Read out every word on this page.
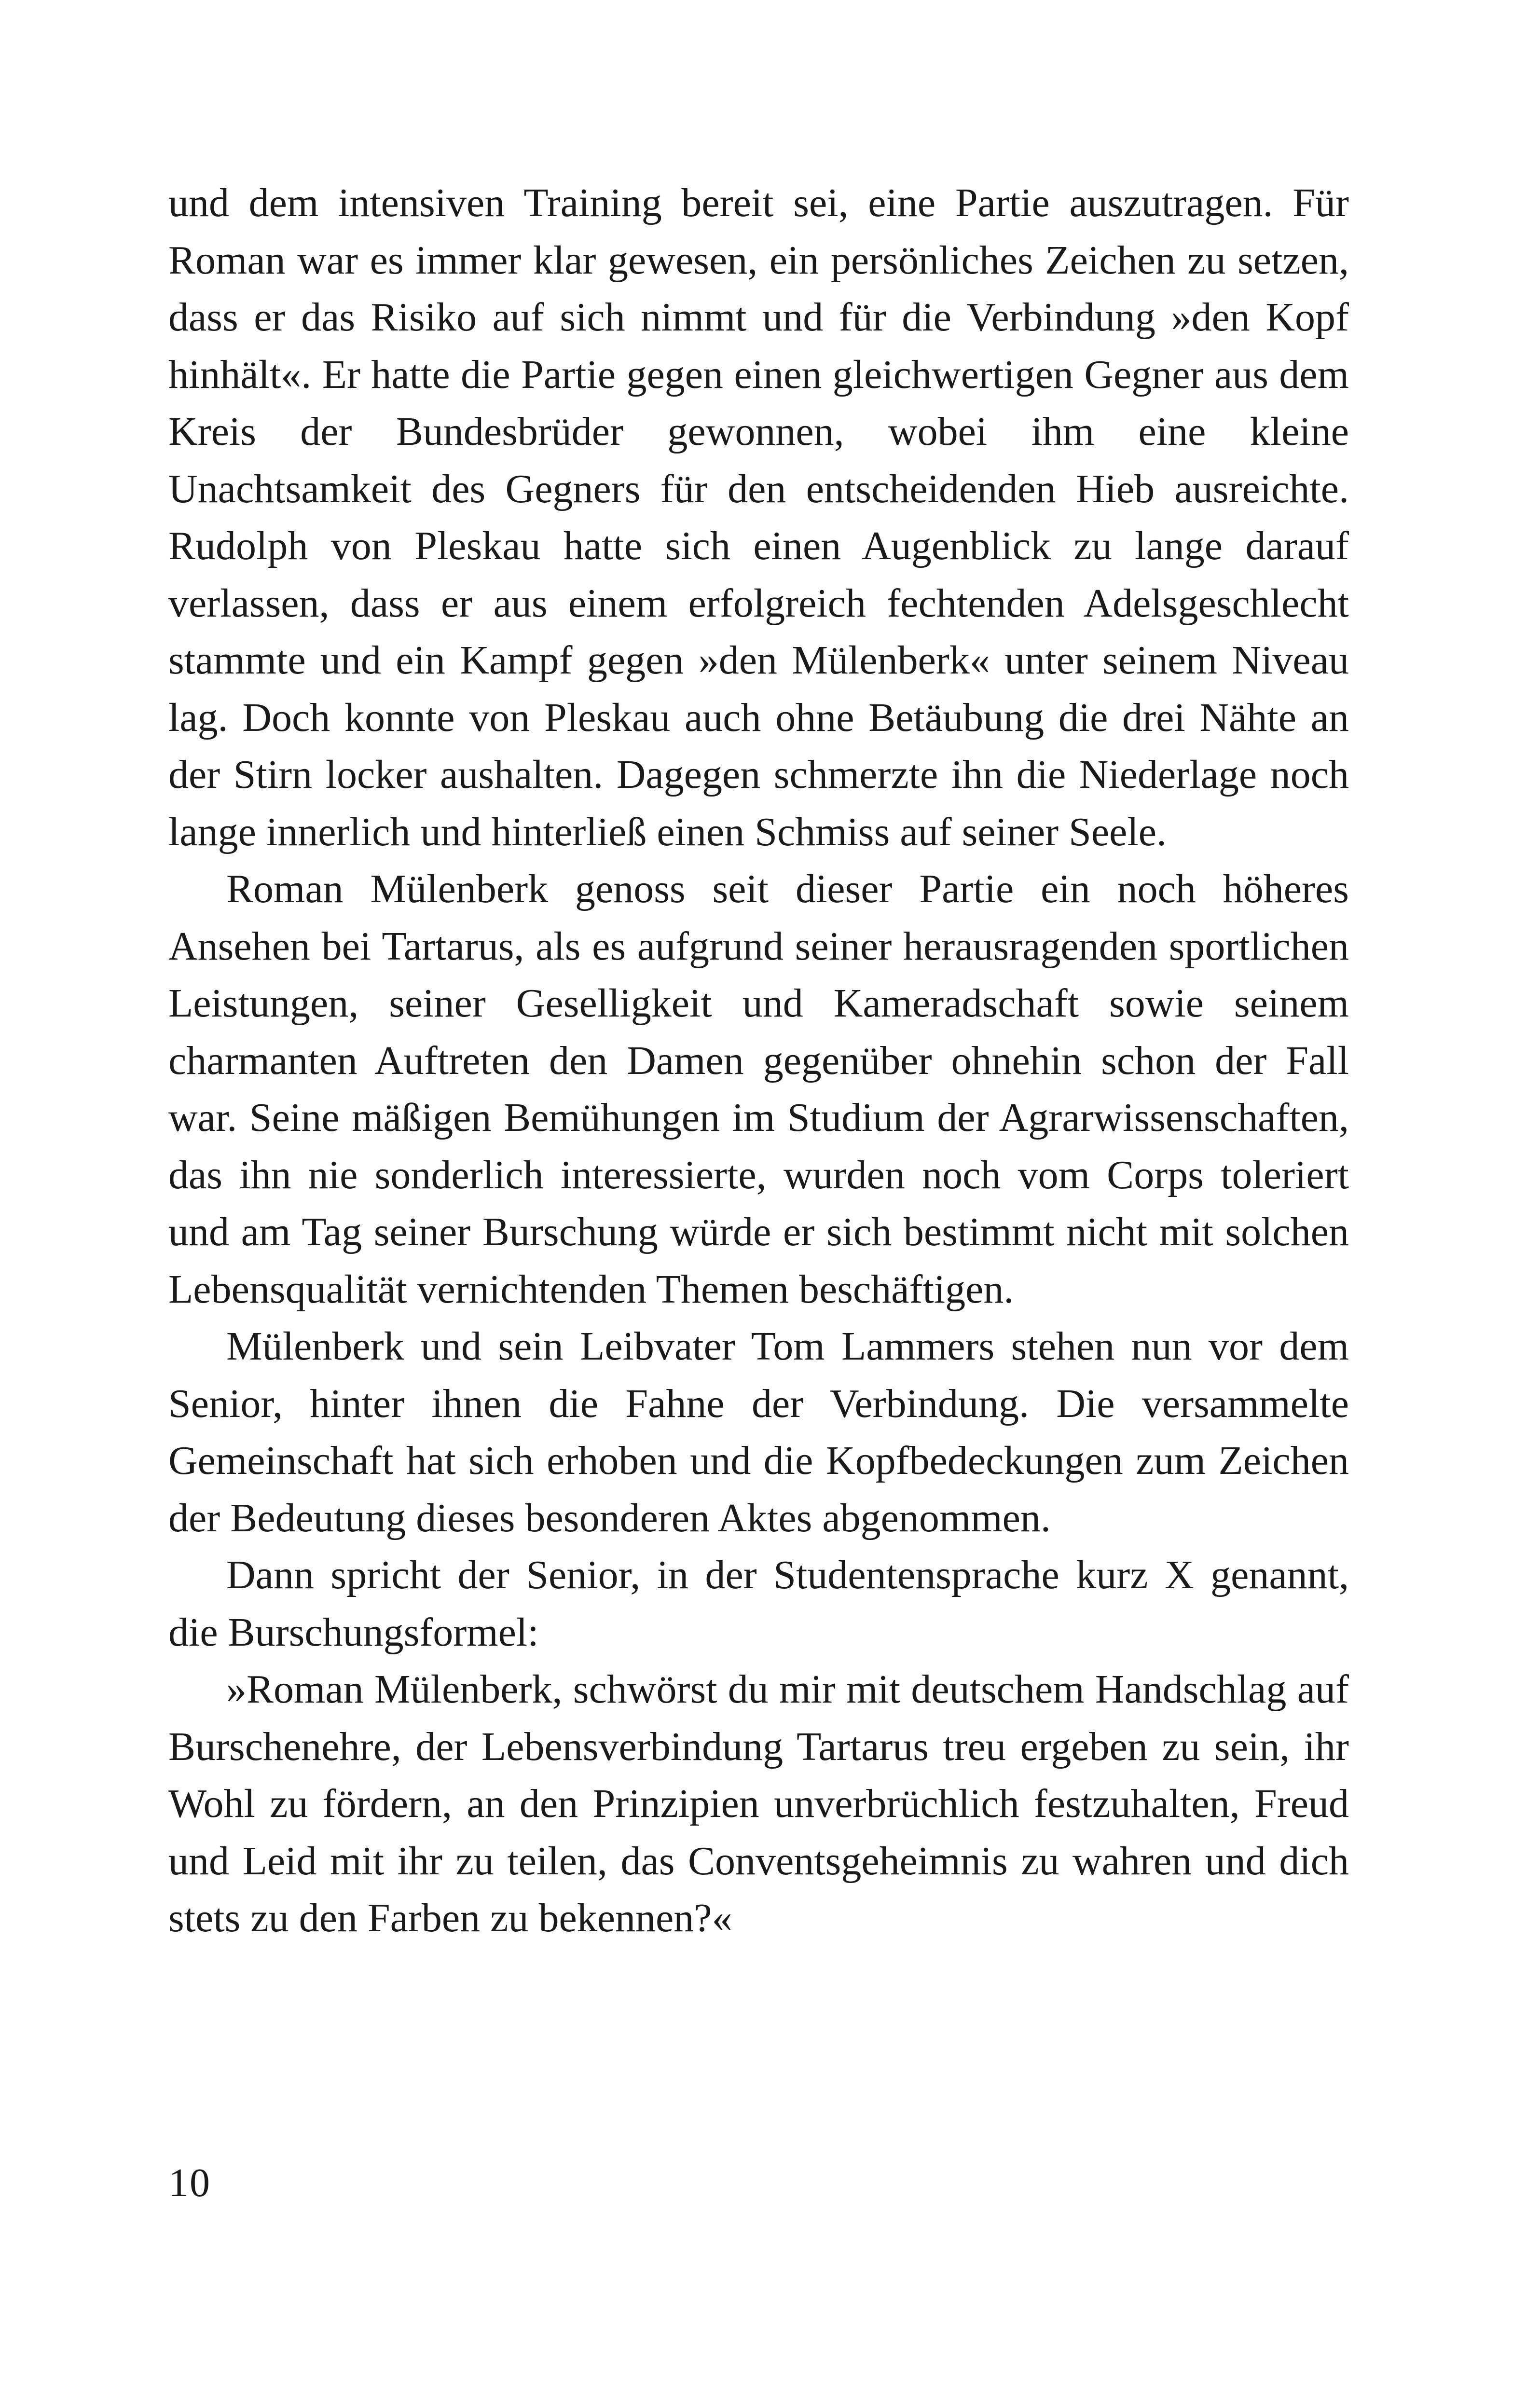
und dem intensiven Training bereit sei, eine Partie auszutragen. Für Roman war es immer klar gewesen, ein persönliches Zeichen zu setzen, dass er das Risiko auf sich nimmt und für die Verbindung »den Kopf hinhält«. Er hatte die Partie gegen einen gleichwertigen Gegner aus dem Kreis der Bundesbrüder gewonnen, wobei ihm eine kleine Unachtsamkeit des Gegners für den entscheidenden Hieb ausreichte. Rudolph von Pleskau hatte sich einen Augenblick zu lange darauf verlassen, dass er aus einem erfolgreich fechtenden Adelsgeschlecht stammte und ein Kampf gegen »den Mülenberk« unter seinem Niveau lag. Doch konnte von Pleskau auch ohne Betäubung die drei Nähte an der Stirn locker aushalten. Dagegen schmerzte ihn die Niederlage noch lange innerlich und hinterließ einen Schmiss auf seiner Seele.

Roman Mülenberk genoss seit dieser Partie ein noch höheres Ansehen bei Tartarus, als es aufgrund seiner herausragenden sportlichen Leistungen, seiner Geselligkeit und Kameradschaft sowie seinem charmanten Auftreten den Damen gegenüber ohnehin schon der Fall war. Seine mäßigen Bemühungen im Studium der Agrarwissenschaften, das ihn nie sonderlich interessierte, wurden noch vom Corps toleriert und am Tag seiner Burschung würde er sich bestimmt nicht mit solchen Lebensqualität vernichtenden Themen beschäftigen.

Mülenberk und sein Leibvater Tom Lammers stehen nun vor dem Senior, hinter ihnen die Fahne der Verbindung. Die versammelte Gemeinschaft hat sich erhoben und die Kopfbedeckungen zum Zeichen der Bedeutung dieses besonderen Aktes abgenommen.

Dann spricht der Senior, in der Studentensprache kurz X genannt, die Burschungsformel:

»Roman Mülenberk, schwörst du mir mit deutschem Handschlag auf Burschenehre, der Lebensverbindung Tartarus treu ergeben zu sein, ihr Wohl zu fördern, an den Prinzipien unverbrüchlich festzuhalten, Freud und Leid mit ihr zu teilen, das Conventsgeheimnis zu wahren und dich stets zu den Farben zu bekennen?«

10
